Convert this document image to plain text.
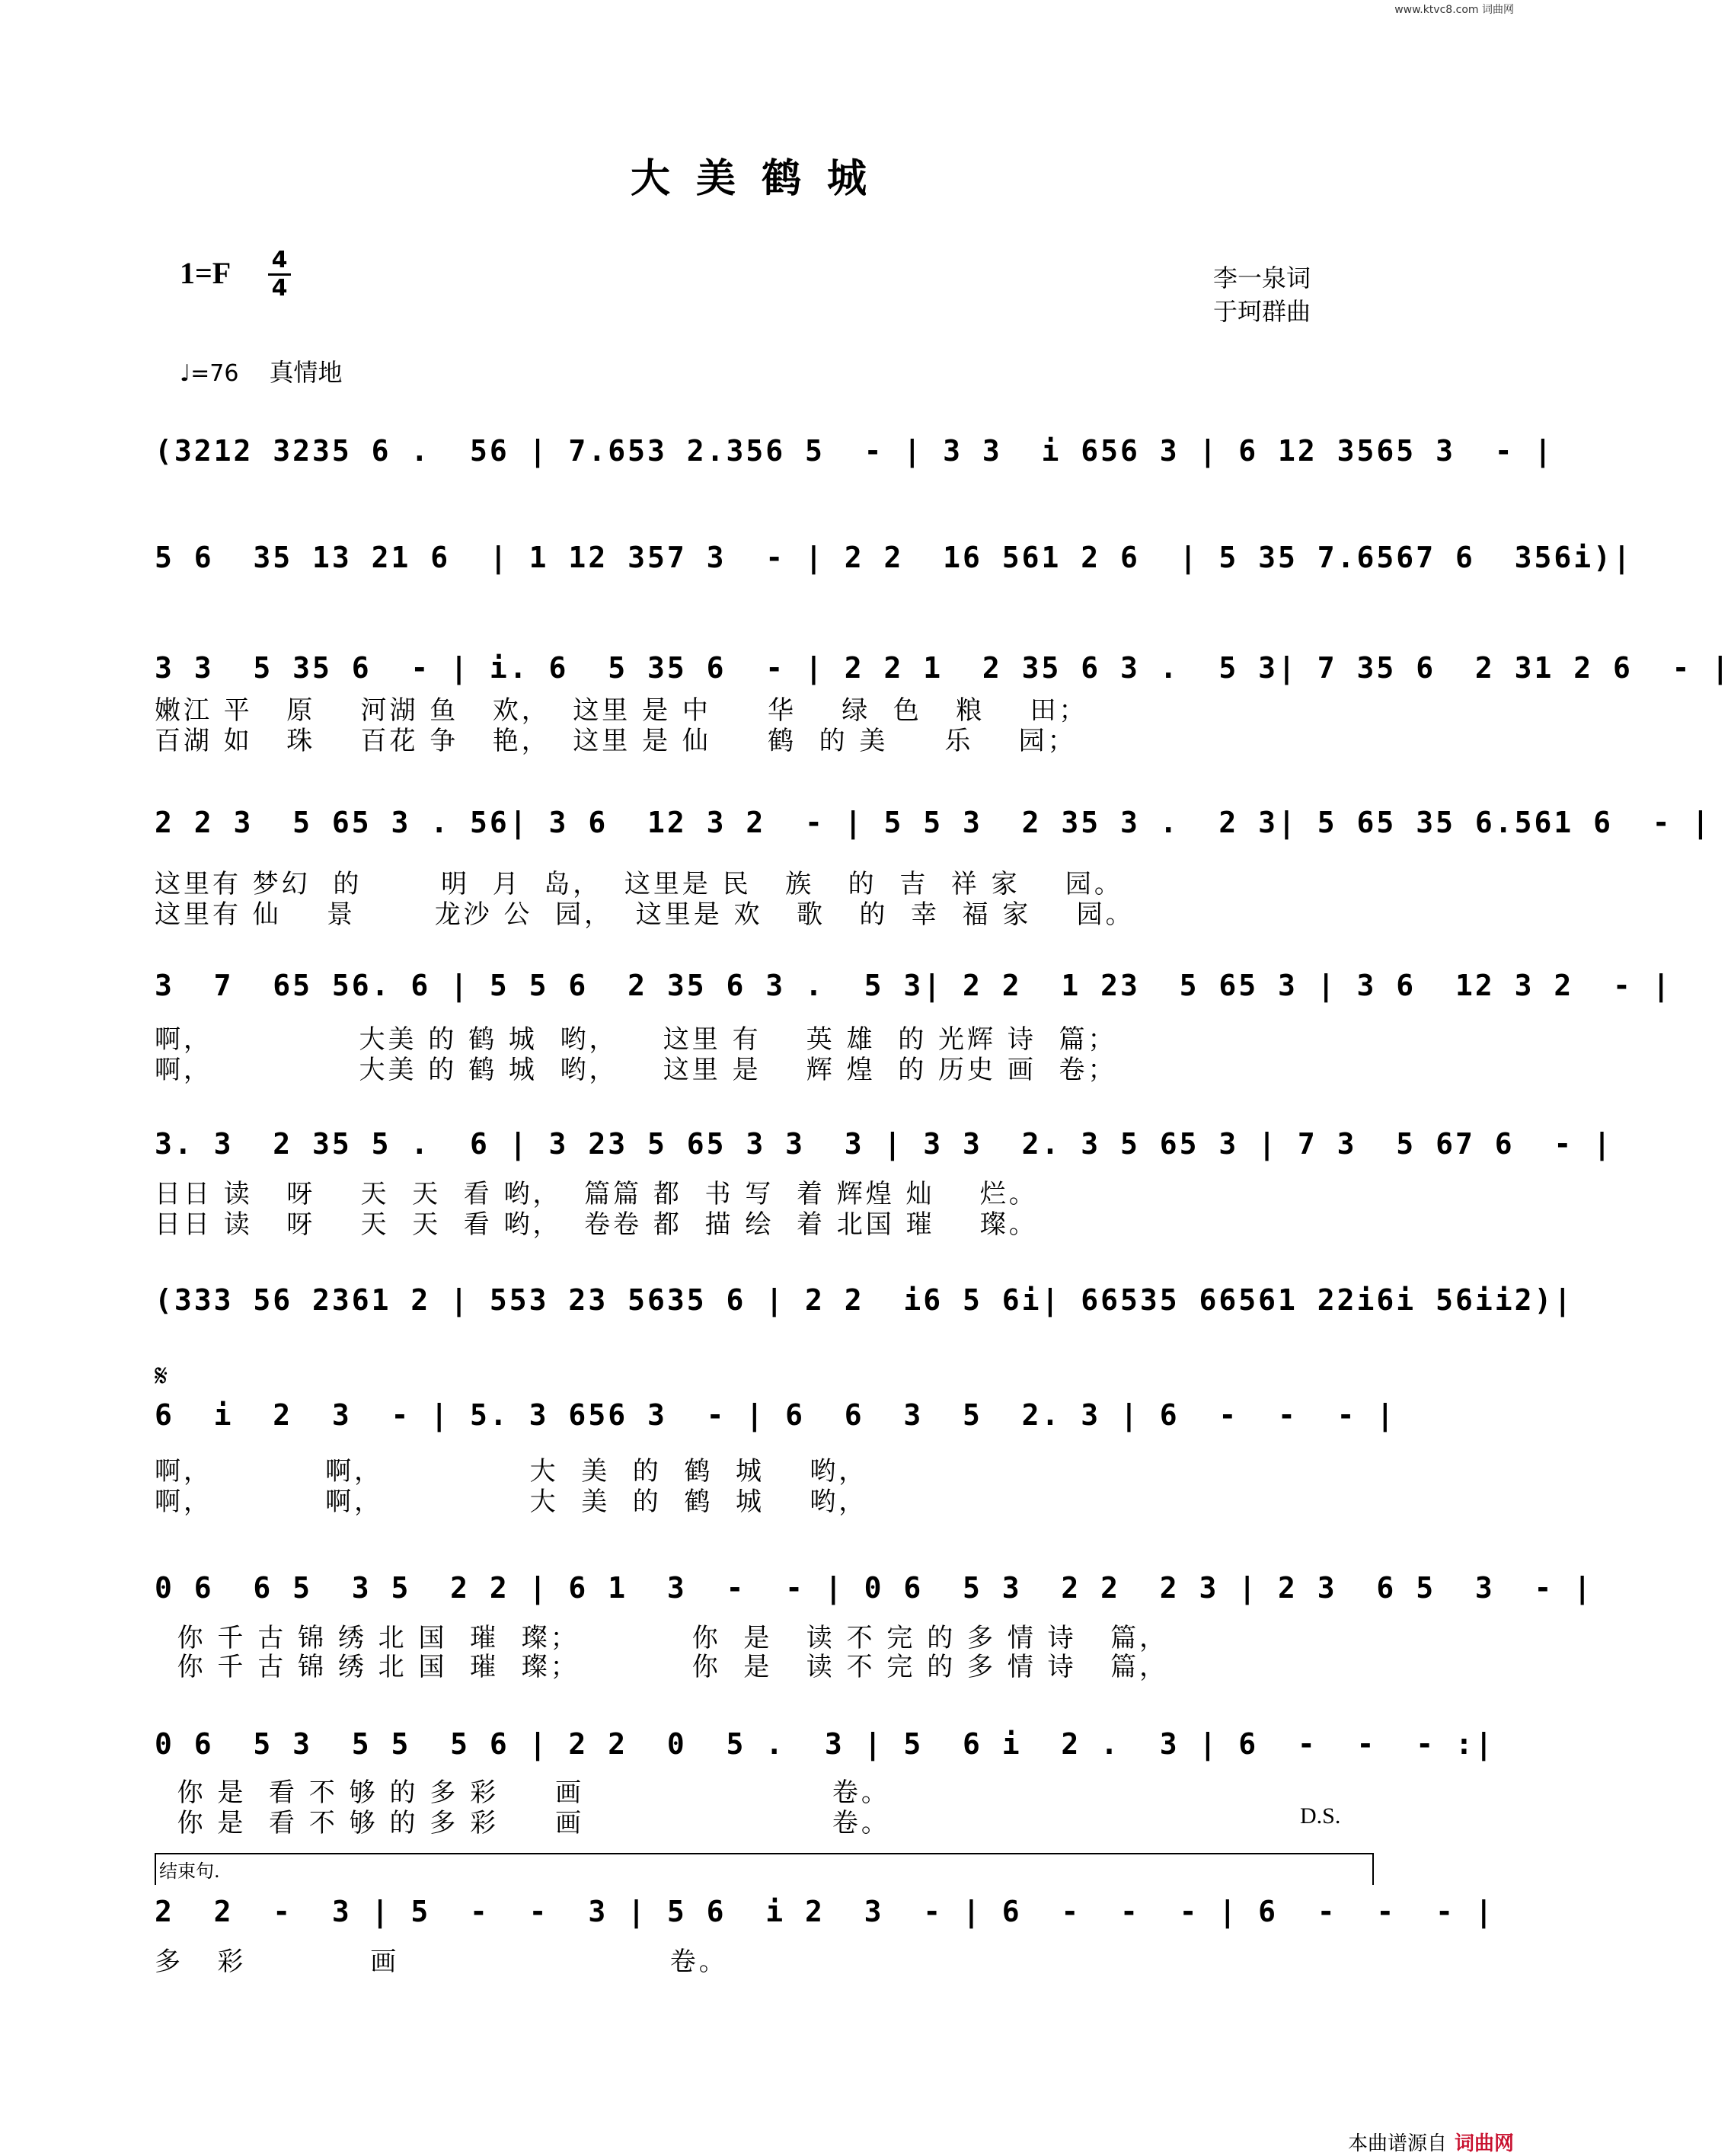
www.ktvc8.com 词曲网
大美鹤城
1=F 4
4	李一泉词
于珂群曲
♩=76 真情地
(3212 3235 6 .  56 | 7.653 2.356 5  - | 3 3  i 656 3 | 6 12 3565 3  - |
5 6  35 13 21 6  | 1 12 357 3  - | 2 2  16 561 2 6  | 5 35 7.6567 6  356i)|
3 3  5 35 6  - | i. 6  5 35 6  - | 2 2 1  2 35 6 3 .  5 3| 7 35 6  2 31 2 6  - |
嫩江 平   原    河湖 鱼   欢，  这里 是 中     华    绿  色   粮    田；
百湖 如   珠    百花 争   艳，  这里 是 仙     鹤  的 美     乐    园；
2 2 3  5 65 3 . 56| 3 6  12 3 2  - | 5 5 3  2 35 3 .  2 3| 5 65 35 6.561 6  - |
这里有 梦幻  的       明  月  岛，  这里是 民   族   的  吉  祥 家    园。
这里有 仙    景       龙沙 公  园，  这里是 欢   歌   的  幸  福 家    园。
3  7  65 56. 6 | 5 5 6  2 35 6 3 .  5 3| 2 2  1 23  5 65 3 | 3 6  12 3 2  - |
啊，             大美 的 鹤 城  哟，    这里 有    英 雄  的 光辉 诗  篇；
啊，             大美 的 鹤 城  哟，    这里 是    辉 煌  的 历史 画  卷；
3. 3  2 35 5 .  6 | 3 23 5 65 3 3  3 | 3 3  2. 3 5 65 3 | 7 3  5 67 6  - |
日日 读   呀    天  天  看 哟，  篇篇 都  书 写  着 辉煌 灿    烂。
日日 读   呀    天  天  看 哟，  卷卷 都  描 绘  着 北国 璀    璨。
(333 56 2361 2 | 553 23 5635 6 | 2 2  i6 5 6i| 66535 66561 22i6i 56ii2)|
𝄋
6  i  2  3  - | 5. 3 656 3  - | 6  6  3  5  2. 3 | 6  -  -  - |
啊，          啊，             大  美  的  鹤  城    哟，
啊，          啊，             大  美  的  鹤  城    哟，
0 6  6 5  3 5  2 2 | 6 1  3  -  - | 0 6  5 3  2 2  2 3 | 2 3  6 5  3  - |
你 千 古 锦 绣 北 国  璀  璨；          你  是   读 不 完 的 多 情 诗   篇，
你 千 古 锦 绣 北 国  璀  璨；          你  是   读 不 完 的 多 情 诗   篇，
0 6  5 3  5 5  5 6 | 2 2  0  5 .  3 | 5  6 i  2 .  3 | 6  -  -  - :|
你 是  看 不 够 的 多 彩     画                      卷。
你 是  看 不 够 的 多 彩     画                      卷。	D.S.
结束句.
2  2  -  3 | 5  -  -  3 | 5 6  i 2  3  - | 6  -  -  - | 6  -  -  - |
多   彩           画                        卷。
本曲谱源自 词曲网
